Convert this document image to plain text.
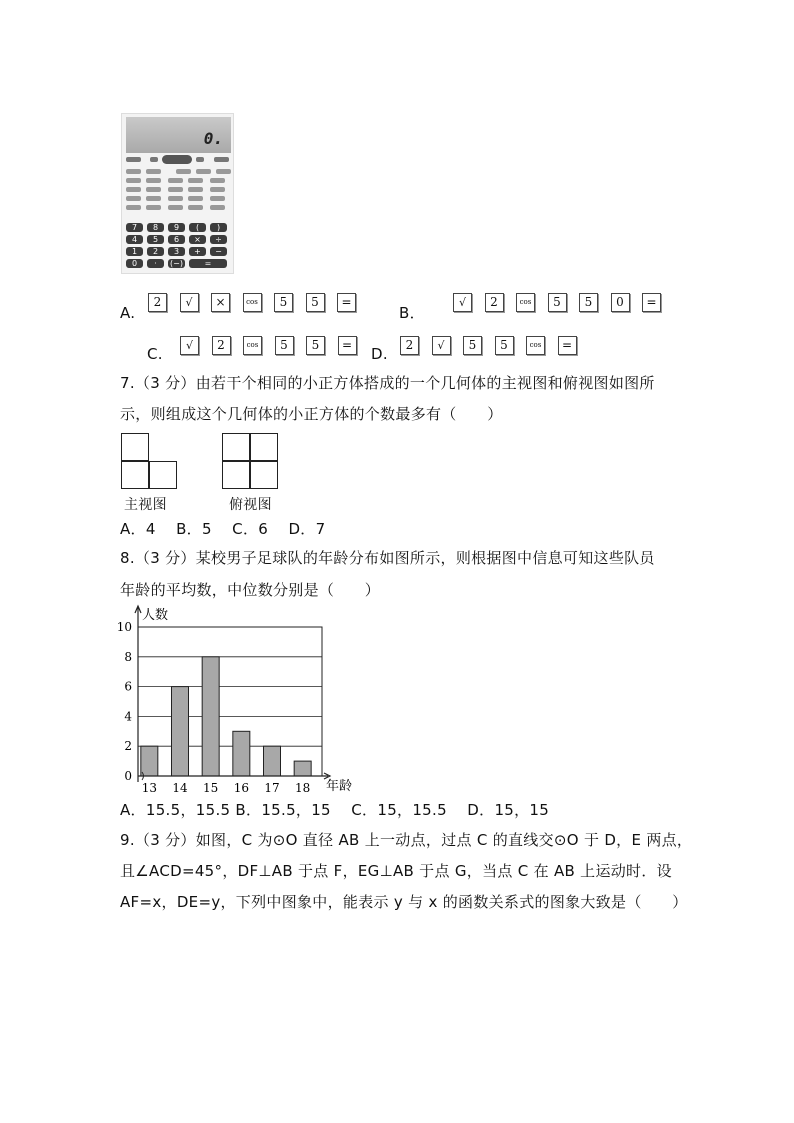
0.
7	8	9	(	)
4	5	6	×	÷
1	2	3	+	−
0	·	(−)	=
A.
2	√	×	cos	5	5	=
B．
√	2	cos	5	5	0	=
C.	√	2	cos	5	5	= D.	2	√	5	5	cos	=
7.（3 分）由若干个相同的小正方体搭成的一个几何体的主视图和俯视图如图所
示，则组成这个几何体的小正方体的个数最多有（　　）
主视图	俯视图
A．4　 B．5　 C．6　 D．7
8.（3 分）某校男子足球队的年龄分布如图所示，则根据图中信息可知这些队员
年龄的平均数，中位数分别是（　　）
0
2
4
6
8
10
13 14 15 16 17 18
人数
年龄
A．15.5，15.5 B．15.5，15　 C．15，15.5　 D．15，15
9.（3 分）如图，C 为⊙O 直径 AB 上一动点，过点 C 的直线交⊙O 于 D，E 两点，
且∠ACD=45°，DF⊥AB 于点 F，EG⊥AB 于点 G，当点 C 在 AB 上运动时．设
AF=x，DE=y，下列中图象中，能表示 y 与 x 的函数关系式的图象大致是（　　）
